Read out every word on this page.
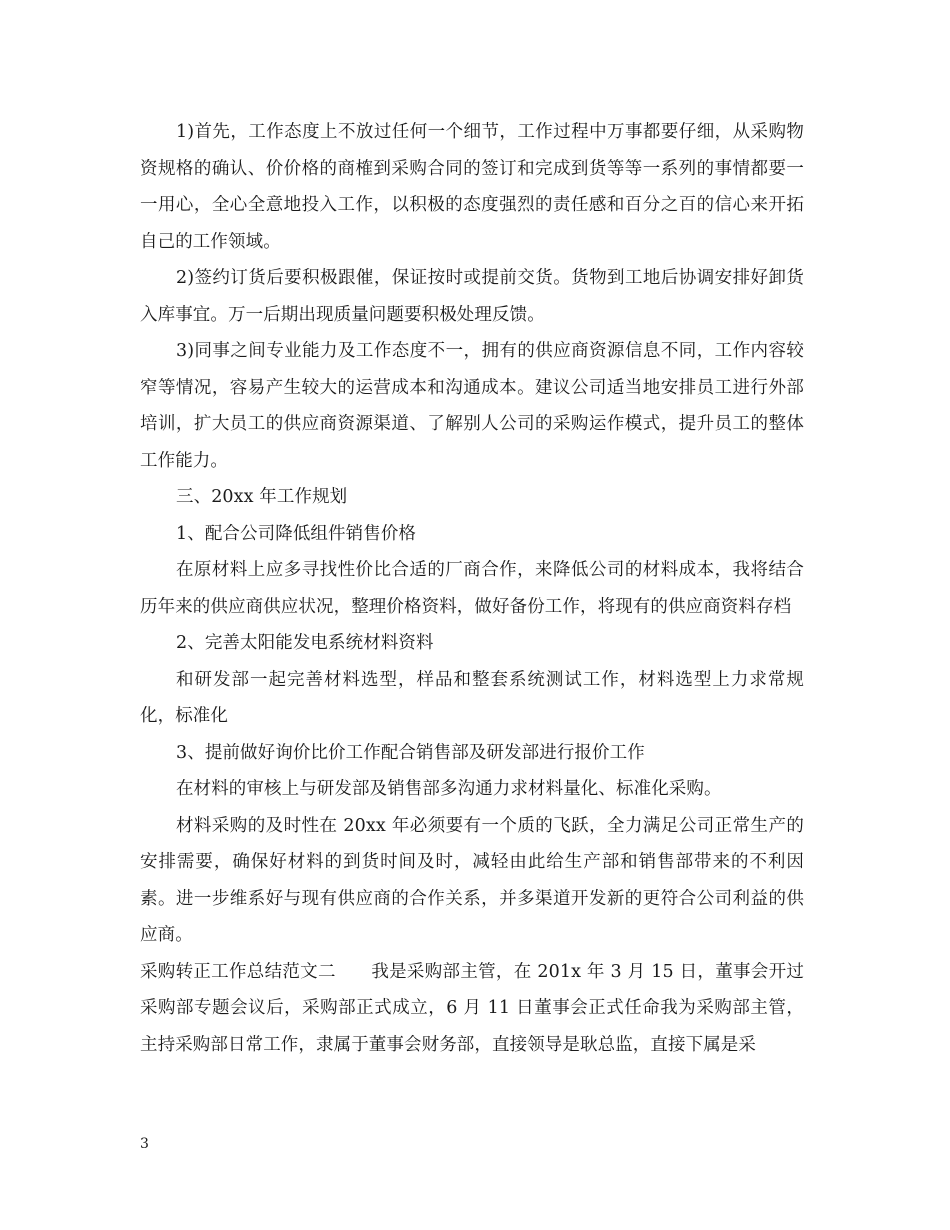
1)首先，工作态度上不放过任何一个细节，工作过程中万事都要仔细，从采购物资规格的确认、价价格的商榷到采购合同的签订和完成到货等等一系列的事情都要一一用心，全心全意地投入工作，以积极的态度强烈的责任感和百分之百的信心来开拓自己的工作领域。

2)签约订货后要积极跟催，保证按时或提前交货。货物到工地后协调安排好卸货入库事宜。万一后期出现质量问题要积极处理反馈。

3)同事之间专业能力及工作态度不一，拥有的供应商资源信息不同，工作内容较窄等情况，容易产生较大的运营成本和沟通成本。建议公司适当地安排员工进行外部培训，扩大员工的供应商资源渠道、了解别人公司的采购运作模式，提升员工的整体工作能力。

三、20xx 年工作规划

1、配合公司降低组件销售价格

在原材料上应多寻找性价比合适的厂商合作，来降低公司的材料成本，我将结合历年来的供应商供应状况，整理价格资料，做好备份工作，将现有的供应商资料存档

2、完善太阳能发电系统材料资料

和研发部一起完善材料选型，样品和整套系统测试工作，材料选型上力求常规化，标准化

3、提前做好询价比价工作配合销售部及研发部进行报价工作

在材料的审核上与研发部及销售部多沟通力求材料量化、标准化采购。

材料采购的及时性在 20xx 年必须要有一个质的飞跃，全力满足公司正常生产的安排需要，确保好材料的到货时间及时，减轻由此给生产部和销售部带来的不利因素。进一步维系好与现有供应商的合作关系，并多渠道开发新的更符合公司利益的供应商。

采购转正工作总结范文二　　我是采购部主管，在 201x 年 3 月 15 日，董事会开过采购部专题会议后，采购部正式成立，6 月 11 日董事会正式任命我为采购部主管，主持采购部日常工作，隶属于董事会财务部，直接领导是耿总监，直接下属是采

3
